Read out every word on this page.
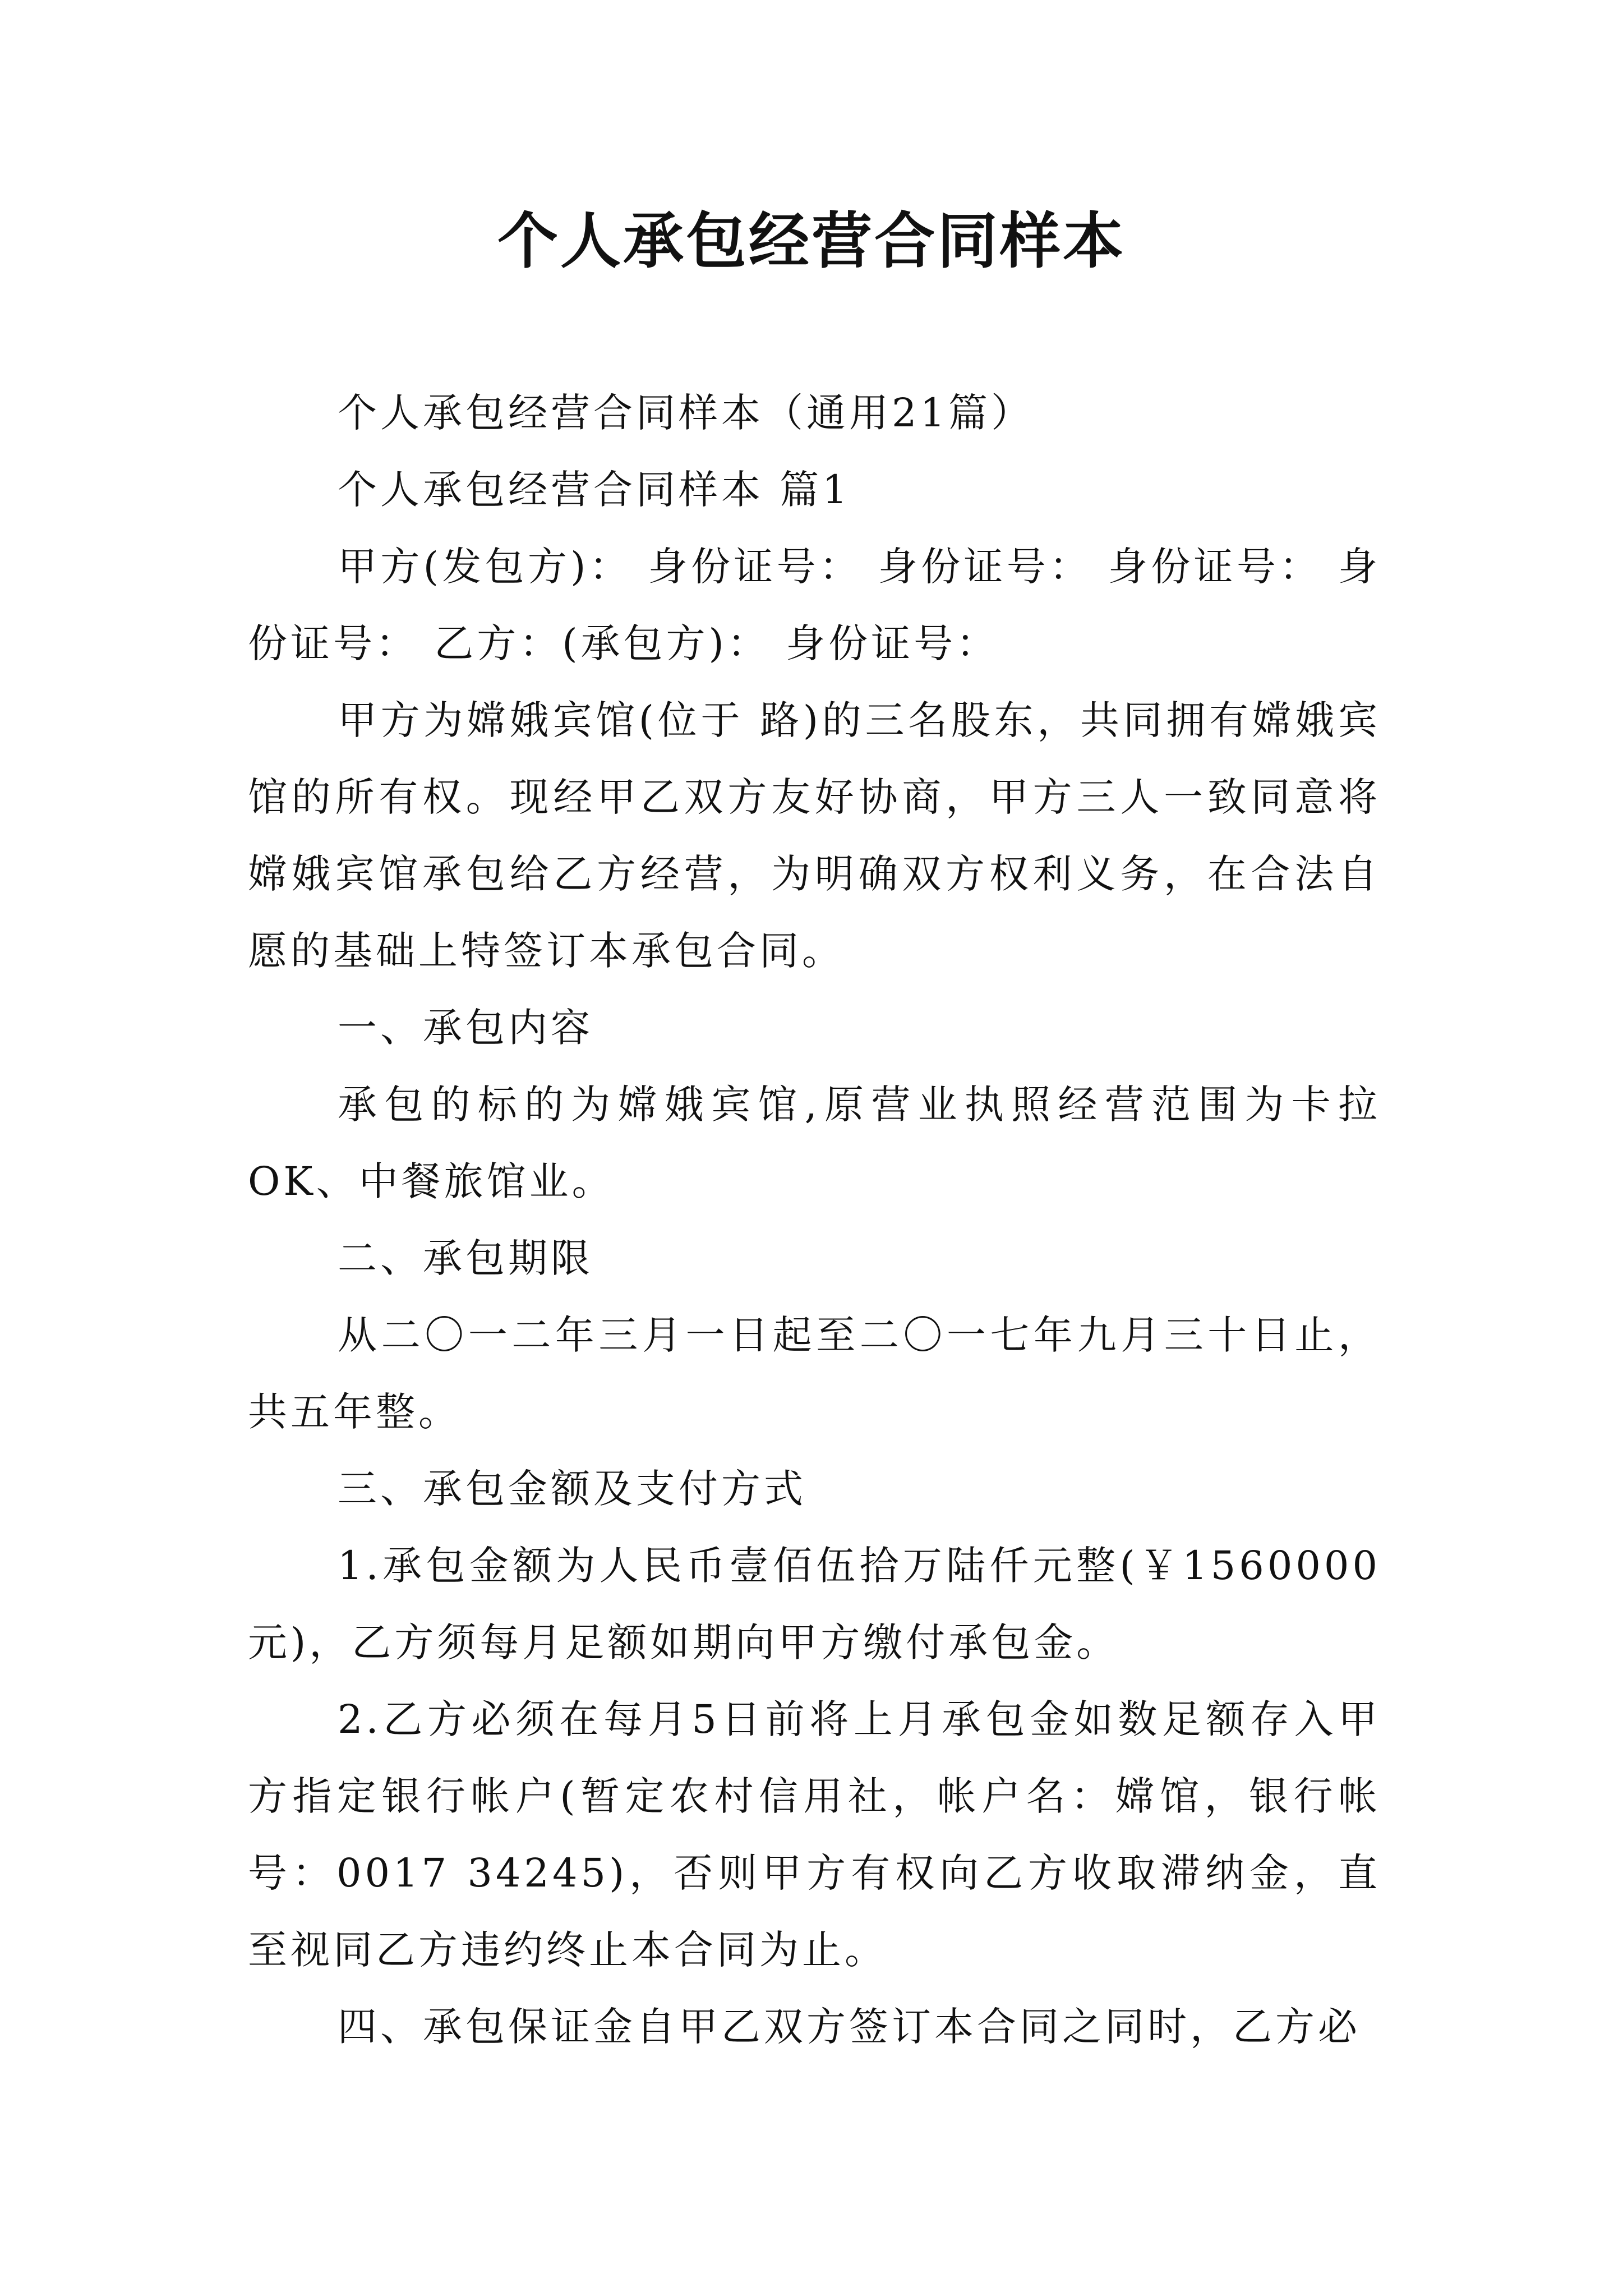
个人承包经营合同样本

个人承包经营合同样本（通用21篇）

个人承包经营合同样本 篇1

甲方(发包方)： 身份证号： 身份证号： 身份证号： 身份证号： 乙方：(承包方)： 身份证号：

甲方为嫦娥宾馆(位于 路)的三名股东，共同拥有嫦娥宾馆的所有权。现经甲乙双方友好协商，甲方三人一致同意将嫦娥宾馆承包给乙方经营，为明确双方权利义务，在合法自愿的基础上特签订本承包合同。

一、承包内容

承包的标的为嫦娥宾馆,原营业执照经营范围为卡拉OK、中餐旅馆业。

二、承包期限

从二〇一二年三月一日起至二〇一七年九月三十日止，共五年整。

三、承包金额及支付方式

1.承包金额为人民币壹佰伍拾万陆仟元整(￥1560000元)，乙方须每月足额如期向甲方缴付承包金。

2.乙方必须在每月5日前将上月承包金如数足额存入甲方指定银行帐户(暂定农村信用社，帐户名：嫦馆，银行帐号：0017 34245)，否则甲方有权向乙方收取滞纳金，直至视同乙方违约终止本合同为止。

四、承包保证金自甲乙双方签订本合同之同时，乙方必
